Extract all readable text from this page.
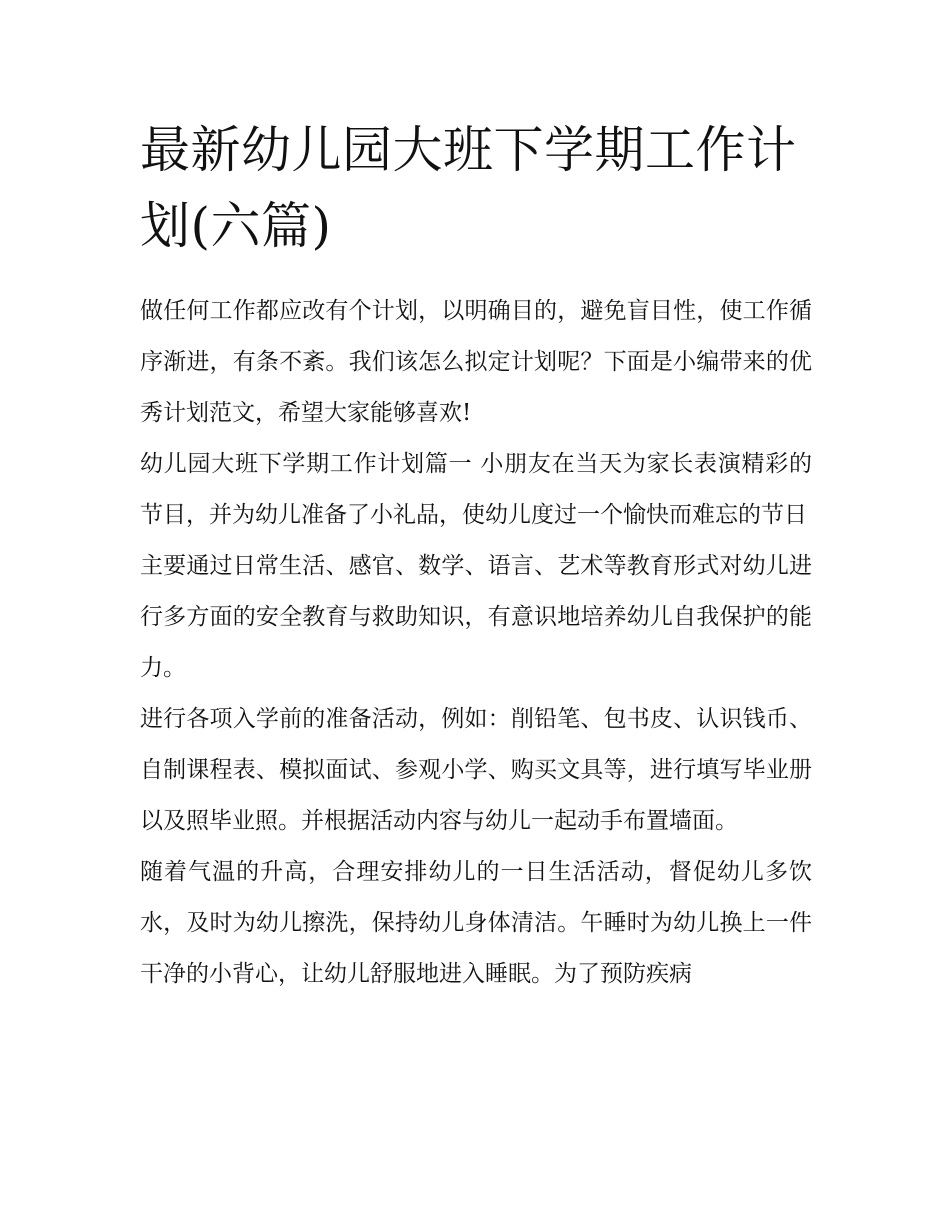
最新幼儿园大班下学期工作计划(六篇)

做任何工作都应改有个计划，以明确目的，避免盲目性，使工作循序渐进，有条不紊。我们该怎么拟定计划呢？下面是小编带来的优秀计划范文，希望大家能够喜欢!

幼儿园大班下学期工作计划篇一 小朋友在当天为家长表演精彩的节目，并为幼儿准备了小礼品，使幼儿度过一个愉快而难忘的节日

主要通过日常生活、感官、数学、语言、艺术等教育形式对幼儿进行多方面的安全教育与救助知识，有意识地培养幼儿自我保护的能力。

进行各项入学前的准备活动，例如：削铅笔、包书皮、认识钱币、自制课程表、模拟面试、参观小学、购买文具等，进行填写毕业册以及照毕业照。并根据活动内容与幼儿一起动手布置墙面。

随着气温的升高，合理安排幼儿的一日生活活动，督促幼儿多饮水，及时为幼儿擦洗，保持幼儿身体清洁。午睡时为幼儿换上一件干净的小背心，让幼儿舒服地进入睡眠。为了预防疾病
